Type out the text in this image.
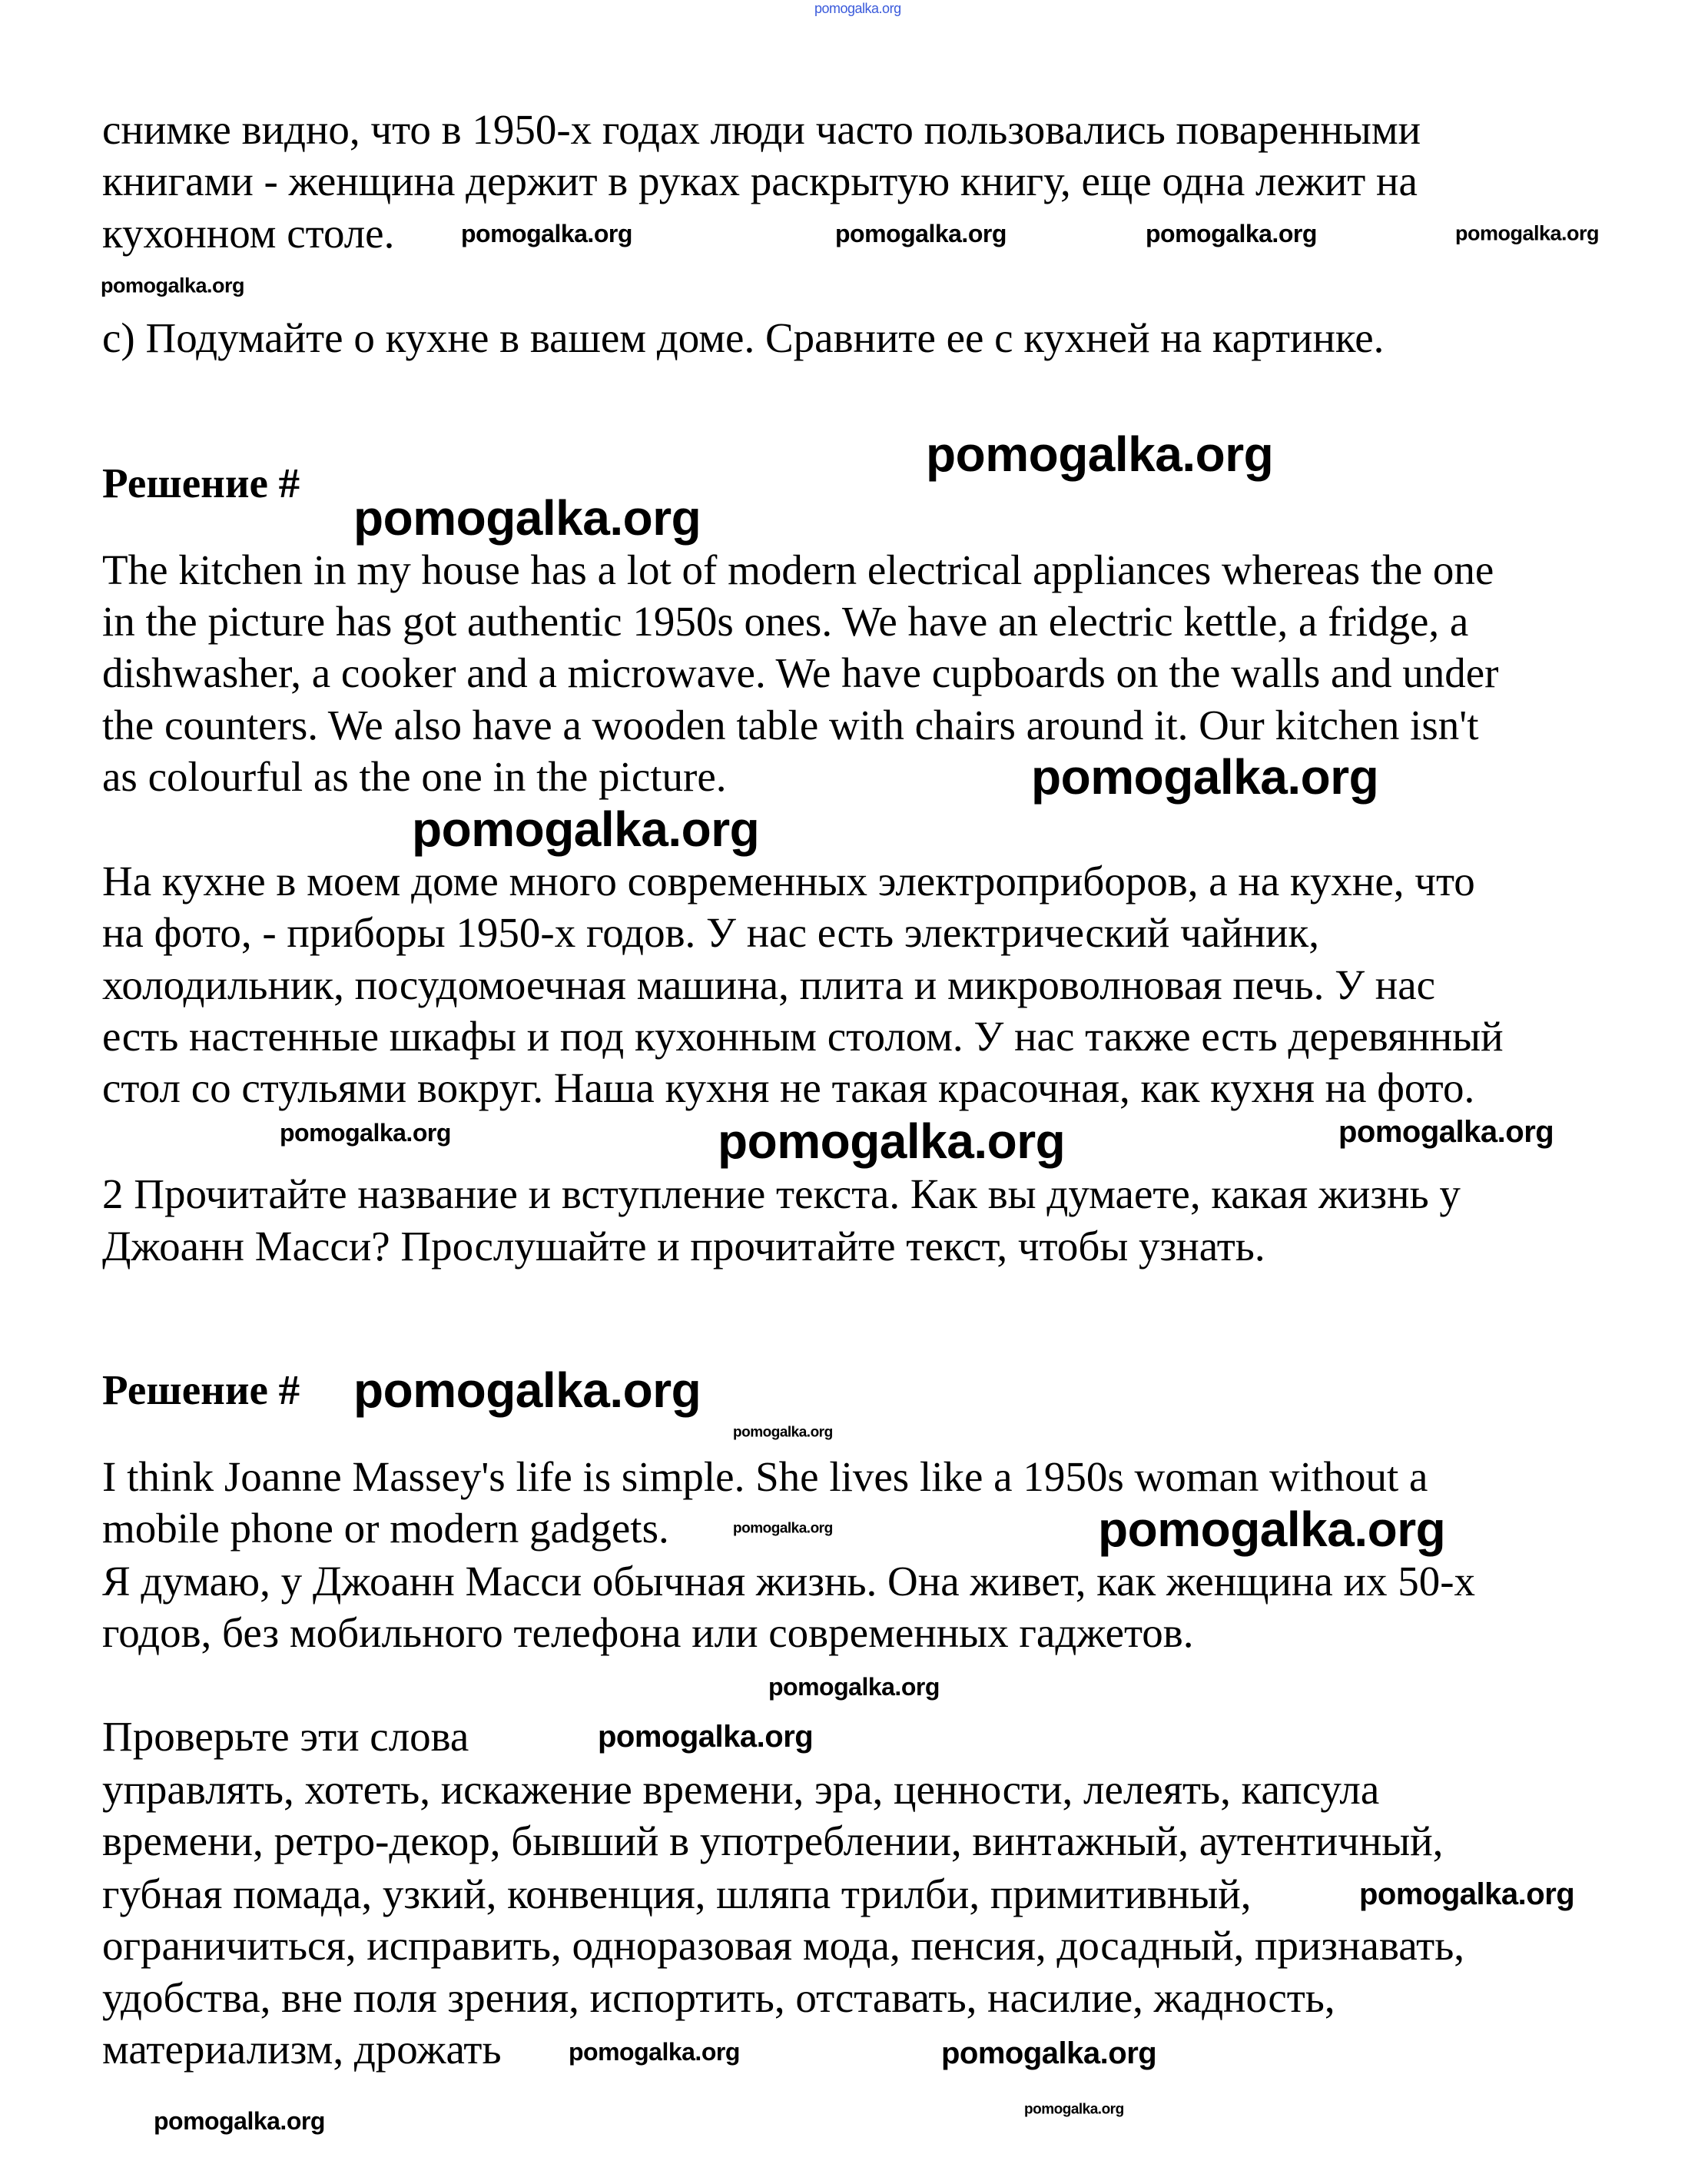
снимке видно, что в 1950-х годах люди часто пользовались поваренными
книгами - женщина держит в руках раскрытую книгу, еще одна лежит на
кухонном столе.
c) Подумайте о кухне в вашем доме. Сравните ее с кухней на картинке.
Решение #
The kitchen in my house has a lot of modern electrical appliances whereas the one
in the picture has got authentic 1950s ones. We have an electric kettle, a fridge, a
dishwasher, a cooker and a microwave. We have cupboards on the walls and under
the counters. We also have a wooden table with chairs around it. Our kitchen isn't
as colourful as the one in the picture.
На кухне в моем доме много современных электроприборов, а на кухне, что
на фото, - приборы 1950-х годов. У нас есть электрический чайник,
холодильник, посудомоечная машина, плита и микроволновая печь. У нас
есть настенные шкафы и под кухонным столом. У нас также есть деревянный
стол со стульями вокруг. Наша кухня не такая красочная, как кухня на фото.
2 Прочитайте название и вступление текста. Как вы думаете, какая жизнь у
Джоанн Масси? Прослушайте и прочитайте текст, чтобы узнать.
Решение #
I think Joanne Massey's life is simple. She lives like a 1950s woman without a
mobile phone or modern gadgets.
Я думаю, у Джоанн Масси обычная жизнь. Она живет, как женщина их 50-х
годов, без мобильного телефона или современных гаджетов.
Проверьте эти слова
управлять, хотеть, искажение времени, эра, ценности, лелеять, капсула
времени, ретро-декор, бывший в употреблении, винтажный, аутентичный,
губная помада, узкий, конвенция, шляпа трилби, примитивный,
ограничиться, исправить, одноразовая мода, пенсия, досадный, признавать,
удобства, вне поля зрения, испортить, отставать, насилие, жадность,
материализм, дрожать
pomogalka.org
pomogalka.org	pomogalka.org	pomogalka.org
pomogalka.org
pomogalka.org
pomogalka.org
pomogalka.org
pomogalka.org
pomogalka.org
pomogalka.org	pomogalka.org	pomogalka.org
pomogalka.org
pomogalka.org
pomogalka.org	pomogalka.org
pomogalka.org
pomogalka.org
pomogalka.org
pomogalka.org
pomogalka.org
pomogalka.org	pomogalka.org
